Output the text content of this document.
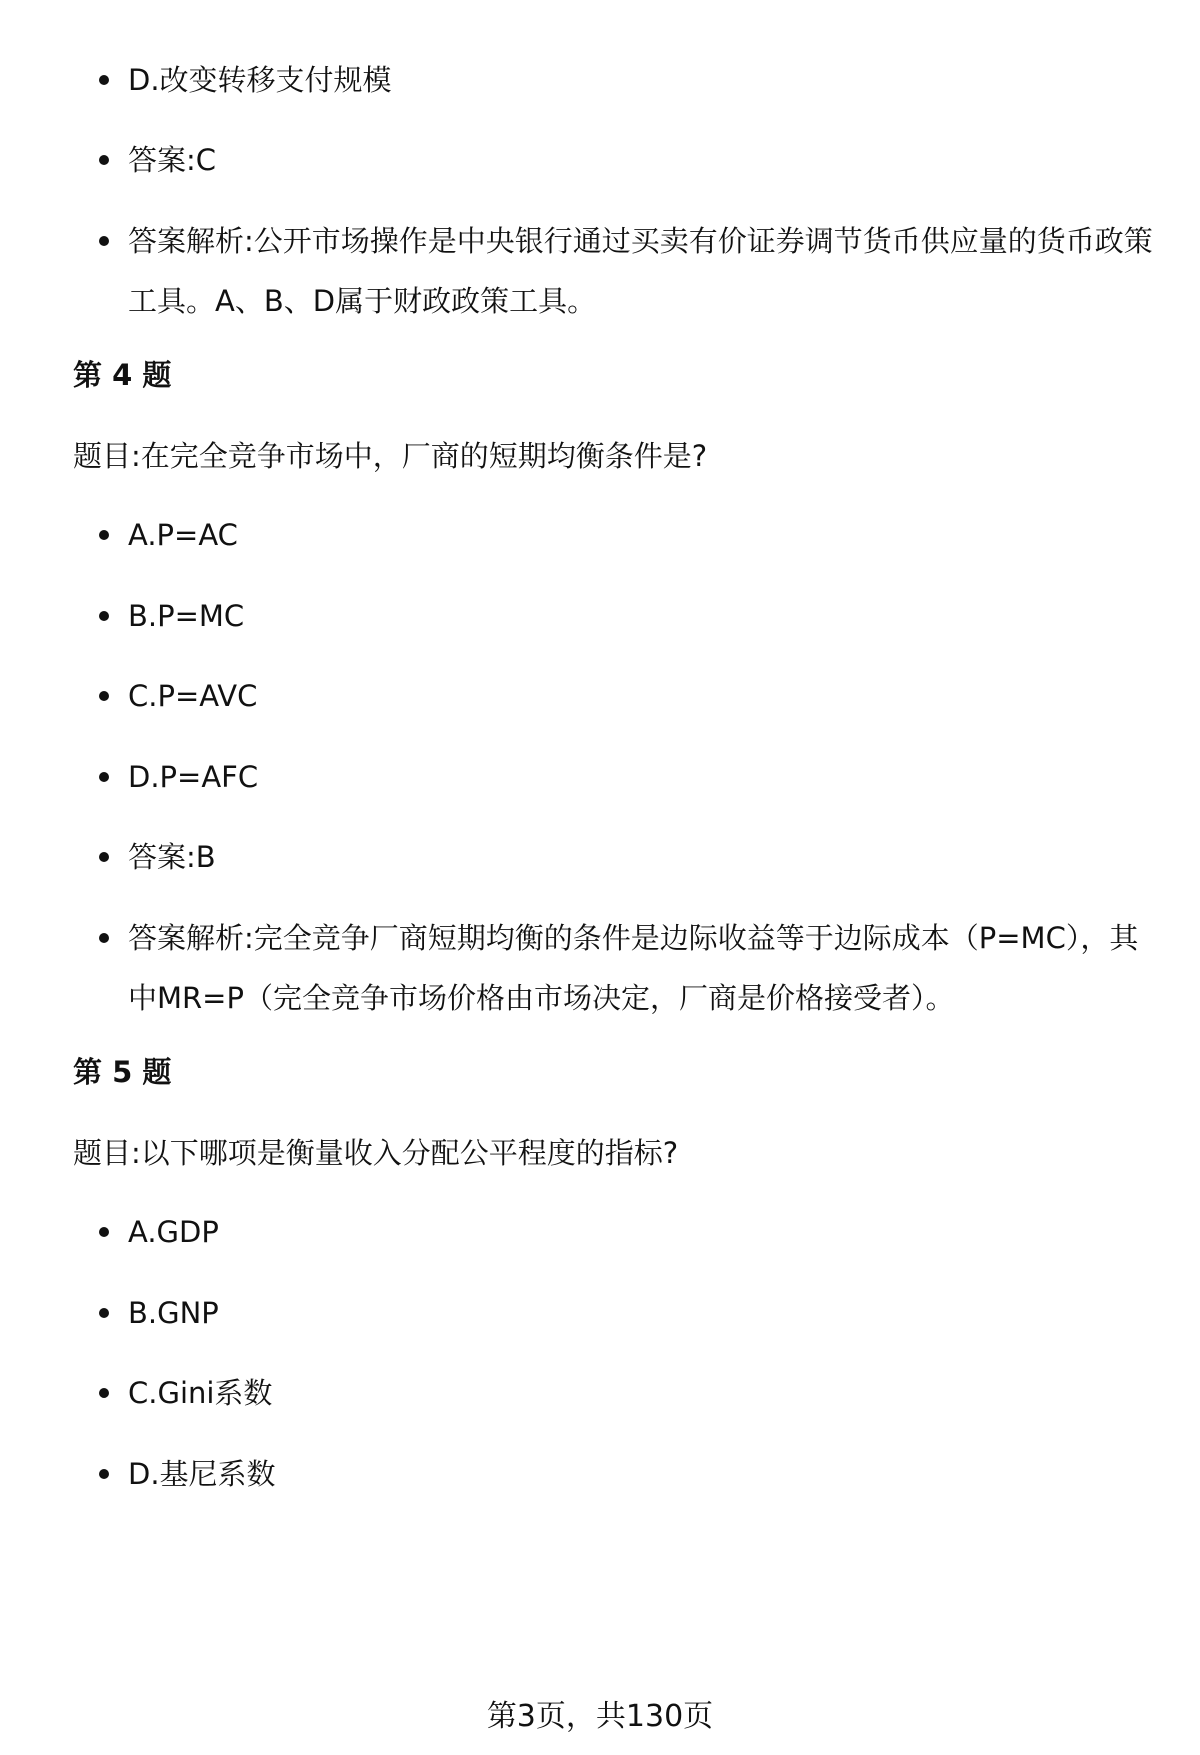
D.改变转移支付规模
答案:C
答案解析:公开市场操作是中央银行通过买卖有价证券调节货币供应量的货币政策工具。A、B、D属于财政政策工具。
第 4 题

题目:在完全竞争市场中，厂商的短期均衡条件是?

A.P=AC
B.P=MC
C.P=AVC
D.P=AFC
答案:B
答案解析:完全竞争厂商短期均衡的条件是边际收益等于边际成本（P=MC），其中MR=P（完全竞争市场价格由市场决定，厂商是价格接受者）。
第 5 题

题目:以下哪项是衡量收入分配公平程度的指标?

A.GDP
B.GNP
C.Gini系数
D.基尼系数
第3页，共130页
